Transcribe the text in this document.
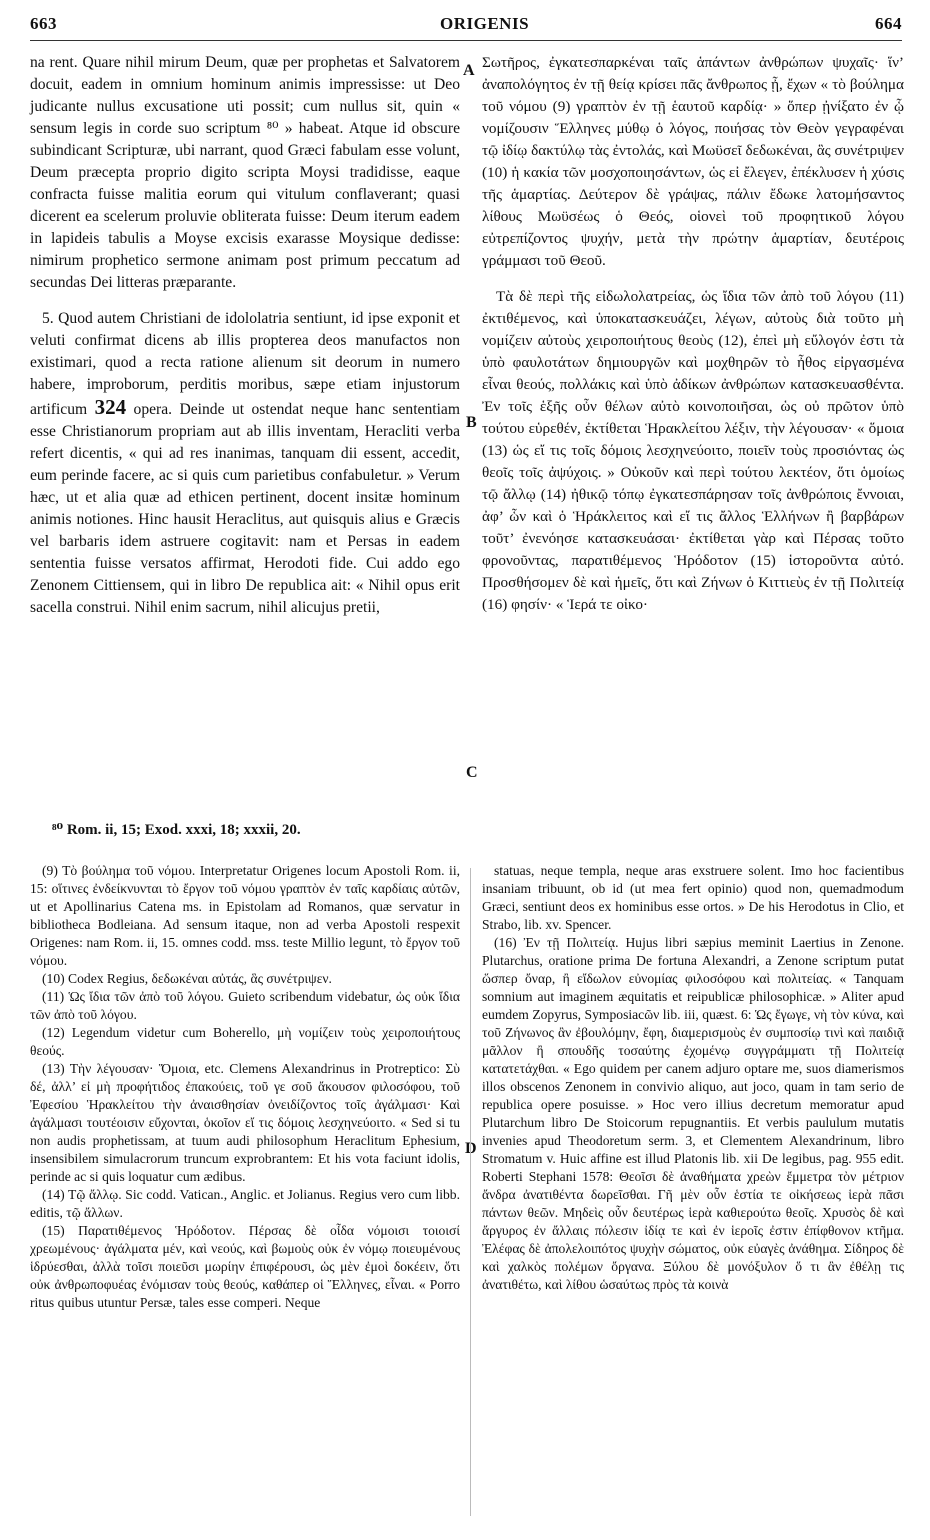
663	ORIGENIS	664
A
B
C
D

na rent. Quare nihil mirum Deum, quæ per prophetas et Salvatorem docuit, eadem in omnium hominum animis impressisse: ut Deo judicante nullus excusatione uti possit; cum nullus sit, quin « sensum legis in corde suo scriptum ⁸⁰ » habeat. Atque id obscure subindicant Scripturæ, ubi narrant, quod Græci fabulam esse volunt, Deum præcepta proprio digito scripta Moysi tradidisse, eaque confracta fuisse malitia eorum qui vitulum conflaverant; quasi dicerent ea scelerum proluvie obliterata fuisse: Deum iterum eadem in lapideis tabulis a Moyse excisis exarasse Moysique dedisse: nimirum prophetico sermone animam post primum peccatum ad secundas Dei litteras præparante.

5. Quod autem Christiani de idololatria sentiunt, id ipse exponit et veluti confirmat dicens ab illis propterea deos manufactos non existimari, quod a recta ratione alienum sit deorum in numero habere, improborum, perditis moribus, sæpe etiam injustorum artificum 324 opera. Deinde ut ostendat neque hanc sententiam esse Christianorum propriam aut ab illis inventam, Heracliti verba refert dicentis, « qui ad res inanimas, tanquam dii essent, accedit, eum perinde facere, ac si quis cum parietibus confabuletur. » Verum hæc, ut et alia quæ ad ethicen pertinent, docent insitæ hominum animis notiones. Hinc hausit Heraclitus, aut quisquis alius e Græcis vel barbaris idem astruere cogitavit: nam et Persas in eadem sententia fuisse versatos affirmat, Herodoti fide. Cui addo ego Zenonem Cittiensem, qui in libro De republica ait: « Nihil opus erit sacella construi. Nihil enim sacrum, nihil alicujus pretii,

Σωτῆρος, ἐγκατεσπαρκέναι ταῖς ἁπάντων ἀνθρώπων ψυχαῖς· ἵν’ ἀναπολόγητος ἐν τῇ θείᾳ κρίσει πᾶς ἄνθρωπος ᾖ, ἔχων « τὸ βούλημα τοῦ νόμου (9) γραπτὸν ἐν τῇ ἑαυτοῦ καρδίᾳ· » ὅπερ ᾐνίξατο ἐν ᾧ νομίζουσιν Ἕλληνες μύθῳ ὁ λόγος, ποιήσας τὸν Θεὸν γεγραφέναι τῷ ἰδίῳ δακτύλῳ τὰς ἐντολάς, καὶ Μωϋσεῖ δεδωκέναι, ἃς συνέτριψεν (10) ἡ κακία τῶν μοσχοποιησάντων, ὡς εἰ ἔλεγεν, ἐπέκλυσεν ἡ χύσις τῆς ἁμαρτίας. Δεύτερον δὲ γράψας, πάλιν ἔδωκε λατομήσαντος λίθους Μωϋσέως ὁ Θεός, οἱονεὶ τοῦ προφητικοῦ λόγου εὐτρεπίζοντος ψυχήν, μετὰ τὴν πρώτην ἁμαρτίαν, δευτέροις γράμμασι τοῦ Θεοῦ.

Τὰ δὲ περὶ τῆς εἰδωλολατρείας, ὡς ἴδια τῶν ἀπὸ τοῦ λόγου (11) ἐκτιθέμενος, καὶ ὑποκατασκευάζει, λέγων, αὐτοὺς διὰ τοῦτο μὴ νομίζειν αὐτοὺς χειροποιήτους θεοὺς (12), ἐπεὶ μὴ εὔλογόν ἐστι τὰ ὑπὸ φαυλοτάτων δημιουργῶν καὶ μοχθηρῶν τὸ ἦθος εἰργασμένα εἶναι θεούς, πολλάκις καὶ ὑπὸ ἀδίκων ἀνθρώπων κατασκευασθέντα. Ἐν τοῖς ἑξῆς οὖν θέλων αὐτὸ κοινοποιῆσαι, ὡς οὐ πρῶτον ὑπὸ τούτου εὑρεθέν, ἐκτίθεται Ἡρακλείτου λέξιν, τὴν λέγουσαν· « ὅμοια (13) ὡς εἴ τις τοῖς δόμοις λεσχηνεύοιτο, ποιεῖν τοὺς προσιόντας ὡς θεοῖς τοῖς ἀψύχοις. » Οὐκοῦν καὶ περὶ τούτου λεκτέον, ὅτι ὁμοίως τῷ ἄλλῳ (14) ἠθικῷ τόπῳ ἐγκατεσπάρησαν τοῖς ἀνθρώποις ἔννοιαι, ἀφ’ ὧν καὶ ὁ Ἡράκλειτος καὶ εἴ τις ἄλλος Ἑλλήνων ἢ βαρβάρων τοῦτ’ ἐνενόησε κατασκευάσαι· ἐκτίθεται γὰρ καὶ Πέρσας τοῦτο φρονοῦντας, παρατιθέμενος Ἡρόδοτον (15) ἱστοροῦντα αὐτό. Προσθήσομεν δὲ καὶ ἡμεῖς, ὅτι καὶ Ζήνων ὁ Κιττιεὺς ἐν τῇ Πολιτείᾳ (16) φησίν· « Ἱερά τε οἰκο·

⁸⁰ Rom. ii, 15; Exod. xxxi, 18; xxxii, 20.

(9) Τὸ βούλημα τοῦ νόμου. Interpretatur Origenes locum Apostoli Rom. ii, 15: οἵτινες ἐνδείκνυνται τὸ ἔργον τοῦ νόμου γραπτὸν ἐν ταῖς καρδίαις αὐτῶν, ut et Apollinarius Catena ms. in Epistolam ad Romanos, quæ servatur in bibliotheca Bodleiana. Ad sensum itaque, non ad verba Apostoli respexit Origenes: nam Rom. ii, 15. omnes codd. mss. teste Millio legunt, τὸ ἔργον τοῦ νόμου.

(10) Codex Regius, δεδωκέναι αὐτάς, ἃς συνέτριψεν.

(11) Ὡς ἴδια τῶν ἀπὸ τοῦ λόγου. Guieto scribendum videbatur, ὡς οὐκ ἴδια τῶν ἀπὸ τοῦ λόγου.

(12) Legendum videtur cum Boherello, μὴ νομίζειν τοὺς χειροποιήτους θεούς.

(13) Τὴν λέγουσαν· Ὅμοια, etc. Clemens Alexandrinus in Protreptico: Σὺ δέ, ἀλλ’ εἰ μὴ προφήτιδος ἐπακούεις, τοῦ γε σοῦ ἄκουσον φιλοσόφου, τοῦ Ἐφεσίου Ἡρακλείτου τὴν ἀναισθησίαν ὀνειδίζοντος τοῖς ἀγάλμασι· Καὶ ἀγάλμασι τουτέοισιν εὔχονται, ὁκοῖον εἴ τις δόμοις λεσχηνεύοιτο. « Sed si tu non audis prophetissam, at tuum audi philosophum Heraclitum Ephesium, insensibilem simulacrorum truncum exprobrantem: Et his vota faciunt idolis, perinde ac si quis loquatur cum ædibus.

(14) Τῷ ἄλλῳ. Sic codd. Vatican., Anglic. et Jolianus. Regius vero cum libb. editis, τῷ ἄλλων.

(15) Παρατιθέμενος Ἡρόδοτον. Πέρσας δὲ οἶδα νόμοισι τοιοισί χρεωμένους· ἀγάλματα μέν, καὶ νεούς, καὶ βωμοὺς οὐκ ἐν νόμῳ ποιευμένους ἱδρύεσθαι, ἀλλὰ τοῖσι ποιεῦσι μωρίην ἐπιφέρουσι, ὡς μὲν ἐμοὶ δοκέειν, ὅτι οὐκ ἀνθρωποφυέας ἐνόμισαν τοὺς θεούς, καθάπερ οἱ Ἕλληνες, εἶναι. « Porro ritus quibus utuntur Persæ, tales esse comperi. Neque

statuas, neque templa, neque aras exstruere solent. Imo hoc facientibus insaniam tribuunt, ob id (ut mea fert opinio) quod non, quemadmodum Græci, sentiunt deos ex hominibus esse ortos. » De his Herodotus in Clio, et Strabo, lib. xv. Spencer.

(16) Ἐν τῇ Πολιτείᾳ. Hujus libri sæpius meminit Laertius in Zenone. Plutarchus, oratione prima De fortuna Alexandri, a Zenone scriptum putat ὥσπερ ὄναρ, ἢ εἴδωλον εὐνομίας φιλοσόφου καὶ πολιτείας. « Tanquam somnium aut imaginem æquitatis et reipublicæ philosophicæ. » Aliter apud eumdem Zopyrus, Symposiacῶν lib. iii, quæst. 6: Ὡς ἔγωγε, νὴ τὸν κύνα, καὶ τοῦ Ζήνωνος ἂν ἐβουλόμην, ἔφη, διαμερισμοὺς ἐν συμποσίῳ τινὶ καὶ παιδιᾷ μᾶλλον ἢ σπουδῆς τοσαύτης ἐχομένῳ συγγράμματι τῇ Πολιτείᾳ κατατετάχθαι. « Ego quidem per canem adjuro optare me, suos diamerismos illos obscenos Zenonem in convivio aliquo, aut joco, quam in tam serio de republica opere posuisse. » Hoc vero illius decretum memoratur apud Plutarchum libro De Stoicorum repugnantiis. Et verbis paululum mutatis invenies apud Theodoretum serm. 3, et Clementem Alexandrinum, libro Stromatum v. Huic affine est illud Platonis lib. xii De legibus, pag. 955 edit. Roberti Stephani 1578: Θεοῖσι δὲ ἀναθήματα χρεὼν ἔμμετρα τὸν μέτριον ἄνδρα ἀνατιθέντα δωρεῖσθαι. Γῆ μὲν οὖν ἑστία τε οἰκήσεως ἱερὰ πᾶσι πάντων θεῶν. Μηδεὶς οὖν δευτέρως ἱερὰ καθιερούτω θεοῖς. Χρυσὸς δὲ καὶ ἄργυρος ἐν ἄλλαις πόλεσιν ἰδίᾳ τε καὶ ἐν ἱεροῖς ἐστιν ἐπίφθονον κτῆμα. Ἐλέφας δὲ ἀπολελοιπότος ψυχὴν σώματος, οὐκ εὐαγὲς ἀνάθημα. Σίδηρος δὲ καὶ χαλκὸς πολέμων ὄργανα. Ξύλου δὲ μονόξυλον ὅ τι ἂν ἐθέλῃ τις ἀνατιθέτω, καὶ λίθου ὡσαύτως πρὸς τὰ κοινὰ
